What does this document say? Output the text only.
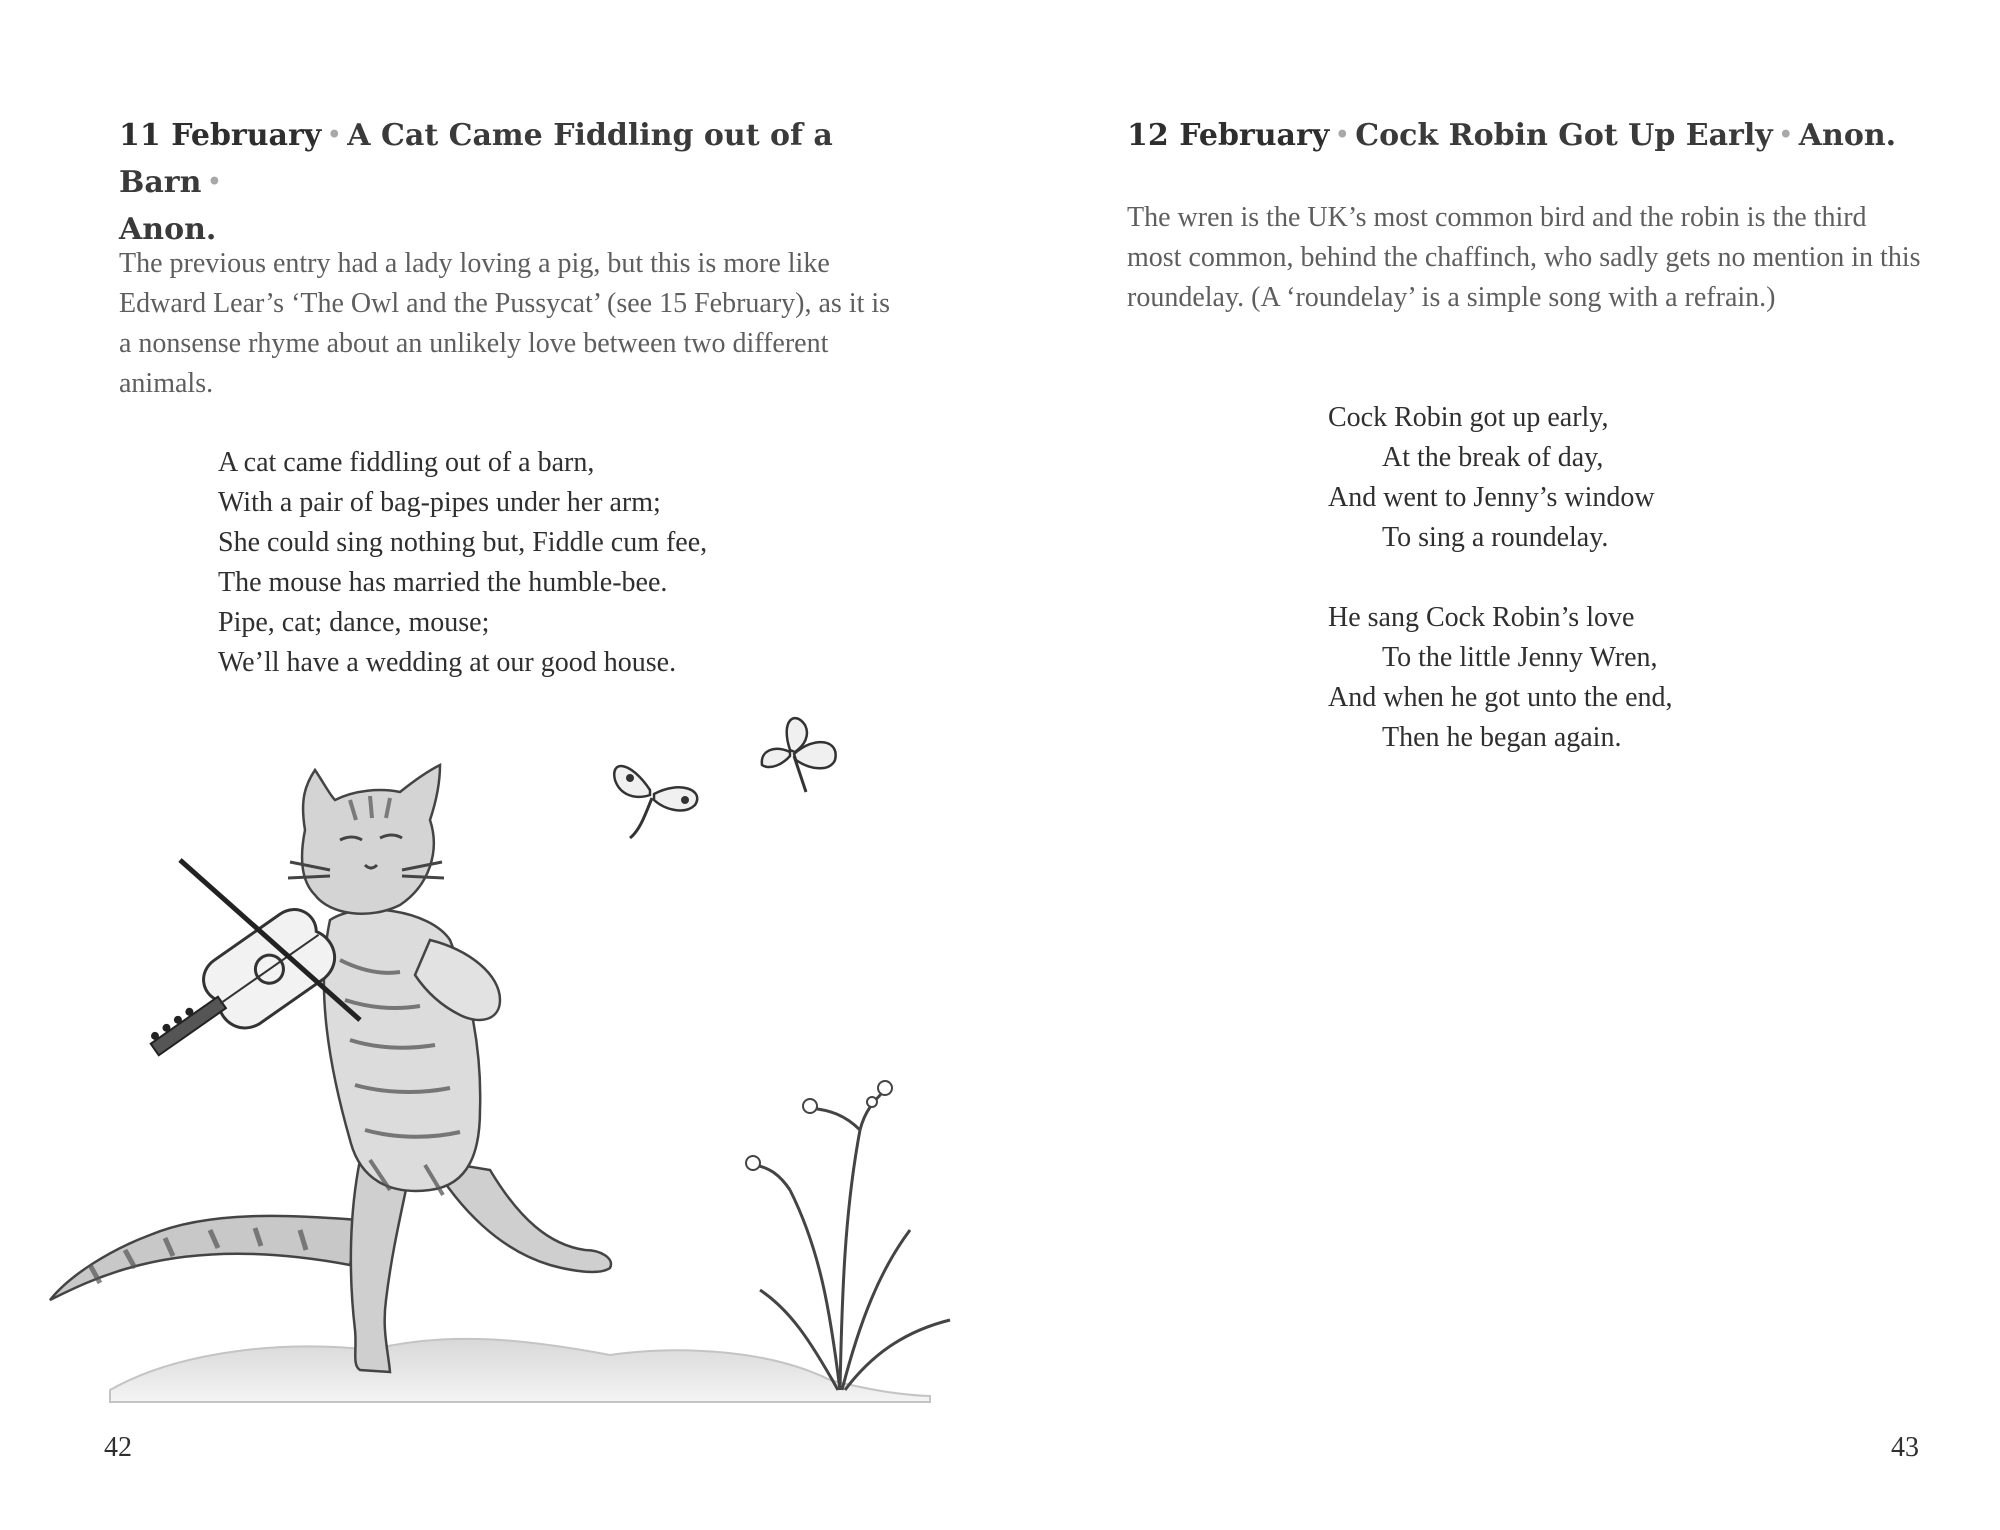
11 February • A Cat Came Fiddling out of a Barn •
Anon.

The previous entry had a lady loving a pig, but this is more like Edward Lear’s ‘The Owl and the Pussycat’ (see 15 February), as it is a nonsense rhyme about an unlikely love between two different animals.

A cat came fiddling out of a barn,
With a pair of bag-pipes under her arm;
She could sing nothing but, Fiddle cum fee,
The mouse has married the humble-bee.
Pipe, cat; dance, mouse;
We’ll have a wedding at our good house.
42
12 February • Cock Robin Got Up Early • Anon.

The wren is the UK’s most common bird and the robin is the third most common, behind the chaffinch, who sadly gets no mention in this roundelay. (A ‘roundelay’ is a simple song with a refrain.)

Cock Robin got up early,
At the break of day,
And went to Jenny’s window
To sing a roundelay.
He sang Cock Robin’s love
To the little Jenny Wren,
And when he got unto the end,
Then he began again.
43
